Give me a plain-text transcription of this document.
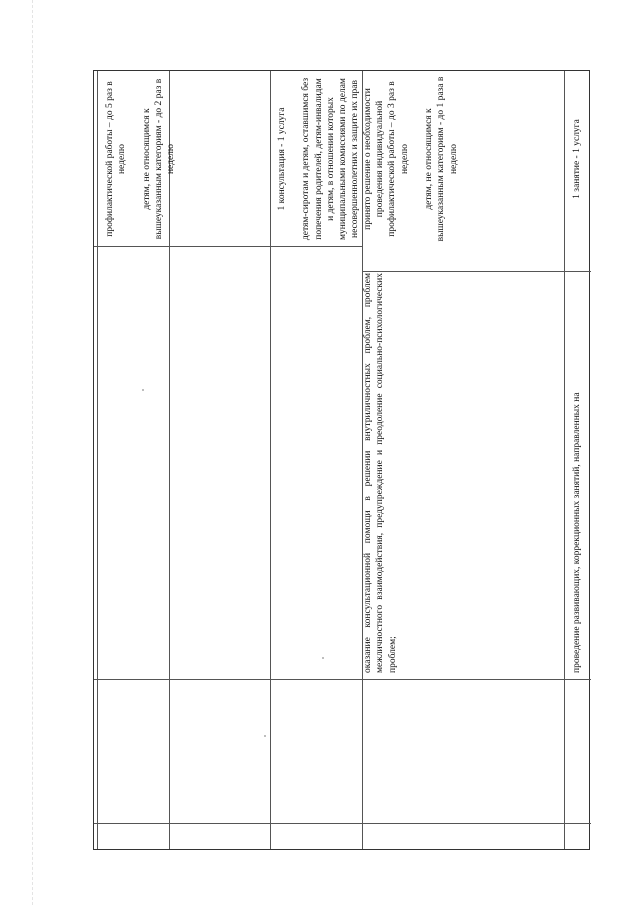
профилактической работы – до 5 раз в неделю детям, не относящимся к вышеуказанным категориям - до 2 раз в неделю	1 консультация - 1 услуга детям-сиротам и детям, оставшимся без попечения родителей, детям-инвалидам и детям, в отношении которых муниципальными комиссиями по делам несовершеннолетних и защите их прав принято решение о необходимости проведения индивидуальной профилактической работы – до 3 раз в неделю детям, не относящимся к вышеуказанным категориям - до 1 раза в неделю

оказание консультационной помощи в решении внутриличностных проблем, проблем межличностного взаимодействия, предупреждение и преодоление социально-психологических проблем;

1 занятие - 1 услуга

проведение развивающих, коррекционных занятий, направленных на
